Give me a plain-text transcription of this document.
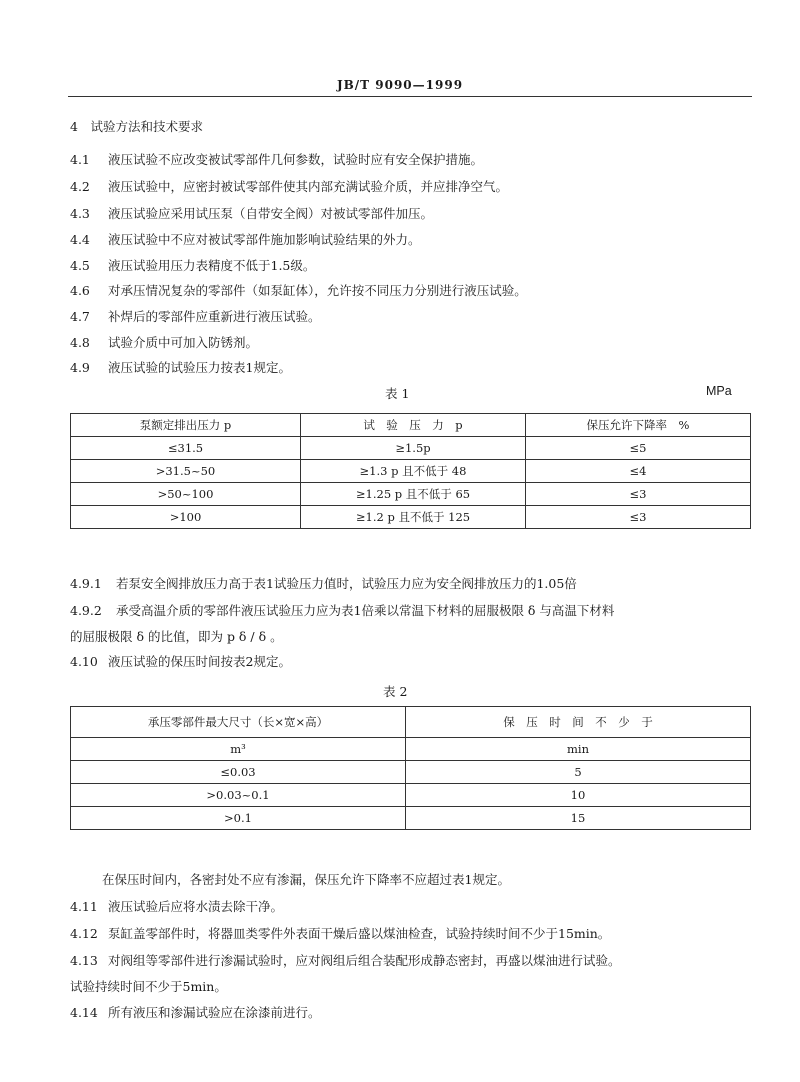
JB/T 9090—1999
4　试验方法和技术要求
4.1 液压试验不应改变被试零部件几何参数，试验时应有安全保护措施。
4.2 液压试验中，应密封被试零部件使其内部充满试验介质，并应排净空气。
4.3 液压试验应采用试压泵（自带安全阀）对被试零部件加压。
4.4 液压试验中不应对被试零部件施加影响试验结果的外力。
4.5 液压试验用压力表精度不低于1.5级。
4.6 对承压情况复杂的零部件（如泵缸体），允许按不同压力分别进行液压试验。
4.7 补焊后的零部件应重新进行液压试验。
4.8 试验介质中可加入防锈剂。
4.9 液压试验的试验压力按表1规定。
表 1	MPa
泵额定排出压力 p	试　验　压　力　p	保压允许下降率　%
≤31.5	≥1.5p	≤5
>31.5~50	≥1.3 p 且不低于 48	≤4
>50~100	≥1.25 p 且不低于 65	≤3
>100	≥1.2 p 且不低于 125	≤3
4.9.1 若泵安全阀排放压力高于表1试验压力值时，试验压力应为安全阀排放压力的1.05倍
4.9.2 承受高温介质的零部件液压试验压力应为表1倍乘以常温下材料的屈服极限 δ 与高温下材料
的屈服极限 δ 的比值，即为 p δ / δ 。
4.10 液压试验的保压时间按表2规定。
表 2
承压零部件最大尺寸（长×宽×高）	保　压　时　间　不　少　于
m³	min
≤0.03	5
>0.03~0.1	10
>0.1	15
在保压时间内，各密封处不应有渗漏，保压允许下降率不应超过表1规定。
4.11 液压试验后应将水渍去除干净。
4.12 泵缸盖零部件时，将器皿类零件外表面干燥后盛以煤油检查，试验持续时间不少于15min。
4.13 对阀组等零部件进行渗漏试验时，应对阀组后组合装配形成静态密封，再盛以煤油进行试验。
试验持续时间不少于5min。
4.14 所有液压和渗漏试验应在涂漆前进行。
